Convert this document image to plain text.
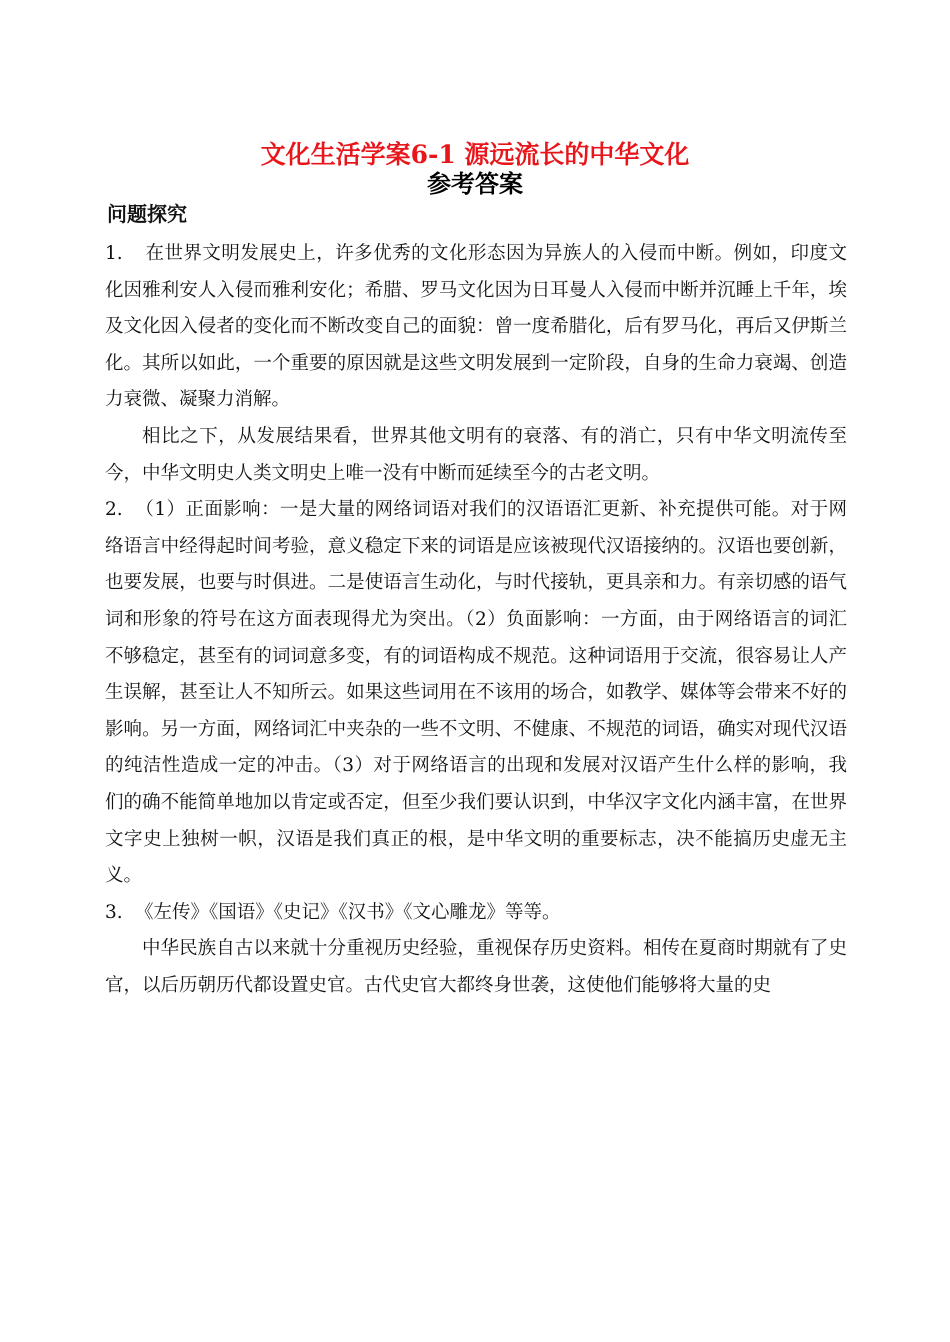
文化生活学案6-1 源远流长的中华文化
参考答案
问题探究

1. 在世界文明发展史上，许多优秀的文化形态因为异族人的入侵而中断。例如，印度文化因雅利安人入侵而雅利安化；希腊、罗马文化因为日耳曼人入侵而中断并沉睡上千年，埃及文化因入侵者的变化而不断改变自己的面貌：曾一度希腊化，后有罗马化，再后又伊斯兰化。其所以如此，一个重要的原因就是这些文明发展到一定阶段，自身的生命力衰竭、创造力衰微、凝聚力消解。

相比之下，从发展结果看，世界其他文明有的衰落、有的消亡，只有中华文明流传至今，中华文明史人类文明史上唯一没有中断而延续至今的古老文明。

2. （1）正面影响：一是大量的网络词语对我们的汉语语汇更新、补充提供可能。对于网络语言中经得起时间考验，意义稳定下来的词语是应该被现代汉语接纳的。汉语也要创新，也要发展，也要与时俱进。二是使语言生动化，与时代接轨，更具亲和力。有亲切感的语气词和形象的符号在这方面表现得尤为突出。（2）负面影响：一方面，由于网络语言的词汇不够稳定，甚至有的词词意多变，有的词语构成不规范。这种词语用于交流，很容易让人产生误解，甚至让人不知所云。如果这些词用在不该用的场合，如教学、媒体等会带来不好的影响。另一方面，网络词汇中夹杂的一些不文明、不健康、不规范的词语，确实对现代汉语的纯洁性造成一定的冲击。（3）对于网络语言的出现和发展对汉语产生什么样的影响，我们的确不能简单地加以肯定或否定，但至少我们要认识到，中华汉字文化内涵丰富，在世界文字史上独树一帜，汉语是我们真正的根，是中华文明的重要标志，决不能搞历史虚无主义。

3. 《左传》《国语》《史记》《汉书》《文心雕龙》等等。

中华民族自古以来就十分重视历史经验，重视保存历史资料。相传在夏商时期就有了史官，以后历朝历代都设置史官。古代史官大都终身世袭，这使他们能够将大量的史
